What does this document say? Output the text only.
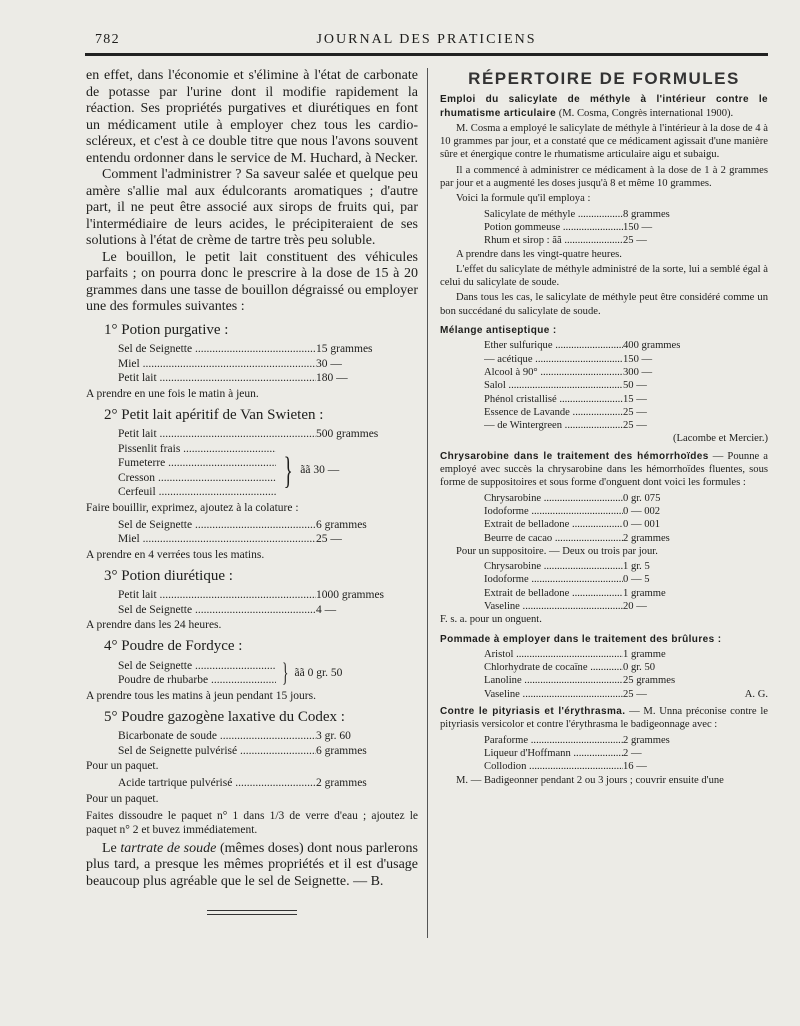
782	JOURNAL DES PRATICIENS

en effet, dans l'économie et s'élimine à l'état de carbonate de potasse par l'urine dont il modifie rapidement la réaction. Ses propriétés purgatives et diurétiques en font un médicament utile à employer chez tous les cardio-scléreux, et c'est à ce double titre que nous l'avons souvent entendu ordonner dans le service de M. Huchard, à Necker.

Comment l'administrer ? Sa saveur salée et quelque peu amère s'allie mal aux édulcorants aromatiques ; d'autre part, il ne peut être associé aux sirops de fruits qui, par l'intermédiaire de leurs acides, le précipiteraient de ses solutions à l'état de crème de tartre très peu soluble.

Le bouillon, le petit lait constituent des véhicules parfaits ; on pourra donc le prescrire à la dose de 15 à 20 grammes dans une tasse de bouillon dégraissé ou employer une des formules suivantes :

1° Potion purgative :
Sel de Seignette .....	15 grammes
Miel .....	30 —
Petit lait .....	180 —
A prendre en une fois le matin à jeun.
2° Petit lait apéritif de Van Swieten :
Petit lait .....	500 grammes
Pissenlit frais .....
Fumeterre .....
Cresson .....
Cerfeuil .....
} ãã 30 —
Faire bouillir, exprimez, ajoutez à la colature :
Sel de Seignette .....	6 grammes
Miel .....	25 —
A prendre en 4 verrées tous les matins.
3° Potion diurétique :
Petit lait .....	1000 grammes
Sel de Seignette .....	4 —
A prendre dans les 24 heures.
4° Poudre de Fordyce :
Sel de Seignette .....
Poudre de rhubarbe .....	} ãã 0 gr. 50
A prendre tous les matins à jeun pendant 15 jours.
5° Poudre gazogène laxative du Codex :
Bicarbonate de soude .....	3 gr. 60
Sel de Seignette pulvérisé .....	6 grammes
Pour un paquet.
Acide tartrique pulvérisé .....	2 grammes
Pour un paquet.
Faites dissoudre le paquet n° 1 dans 1/3 de verre d'eau ; ajoutez le paquet n° 2 et buvez immédiatement.

Le tartrate de soude (mêmes doses) dont nous parlerons plus tard, a presque les mêmes propriétés et il est d'usage beaucoup plus agréable que le sel de Seignette. — B.

RÉPERTOIRE DE FORMULES

Emploi du salicylate de méthyle à l'intérieur contre le rhumatisme articulaire (M. Cosma, Congrès international 1900).

M. Cosma a employé le salicylate de méthyle à l'intérieur à la dose de 4 à 10 grammes par jour, et a constaté que ce médicament agissait d'une manière sûre et énergique contre le rhumatisme articulaire aigu et subaigu.

Il a commencé à administrer ce médicament à la dose de 1 à 2 grammes par jour et a augmenté les doses jusqu'à 8 et même 10 grammes.

Voici la formule qu'il employa :

Salicylate de méthyle .....	8 grammes
Potion gommeuse .....	150 —
Rhum et sirop : ãã .....	25 —

A prendre dans les vingt-quatre heures.

L'effet du salicylate de méthyle administré de la sorte, lui a semblé égal à celui du salicylate de soude.

Dans tous les cas, le salicylate de méthyle peut être considéré comme un bon succédané du salicylate de soude.

Mélange antiseptique :

Ether sulfurique .....	400 grammes
— acétique .....	150 —
Alcool à 90° .....	300 —
Salol .....	50 —
Phénol cristallisé .....	15 —
Essence de Lavande .....	25 —
— de Wintergreen .....	25 —

(Lacombe et Mercier.)

Chrysarobine dans le traitement des hémorrhoïdes — Pounne a employé avec succès la chrysarobine dans les hémorrhoïdes fluentes, sous forme de suppositoires et sous forme d'onguent dont voici les formules :

Chrysarobine .....	0 gr. 075
Iodoforme .....	0 — 002
Extrait de belladone .....	0 — 001
Beurre de cacao .....	2 grammes

Pour un suppositoire. — Deux ou trois par jour.

Chrysarobine .....	1 gr. 5
Iodoforme .....	0 — 5
Extrait de belladone .....	1 gramme
Vaseline .....	20 —

F. s. a. pour un onguent.

Pommade à employer dans le traitement des brûlures :

Aristol .....	1 gramme
Chlorhydrate de cocaïne .....	0 gr. 50
Lanoline .....	25 grammes
Vaseline .....	25 —	A. G.

Contre le pityriasis et l'érythrasma. — M. Unna préconise contre le pityriasis versicolor et contre l'érythrasma le badigeonnage avec :

Paraforme .....	2 grammes
Liqueur d'Hoffmann .....	2 —
Collodion .....	16 —

M. — Badigeonner pendant 2 ou 3 jours ; couvrir ensuite d'une
